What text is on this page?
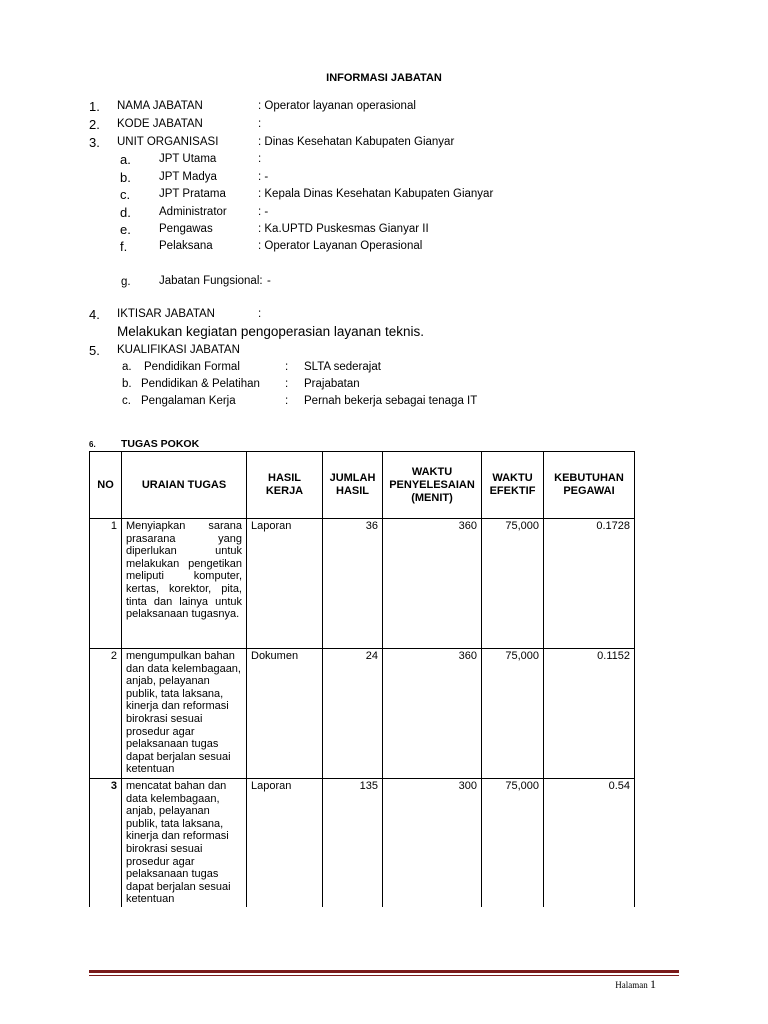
INFORMASI JABATAN
1. NAMA JABATAN	: Operator layanan operasional
2. KODE JABATAN	:
3. UNIT ORGANISASI	: Dinas Kesehatan Kabupaten Gianyar
a. JPT Utama	:
b. JPT Madya	: -
c.	JPT Pratama	: Kepala Dinas Kesehatan Kabupaten Gianyar
d. Administrator	: -
e. Pengawas	: Ka.UPTD Puskesmas Gianyar II
f.	Pelaksana	: Operator Layanan Operasional
g. Jabatan Fungsional: -
4. IKTISAR JABATAN	:
Melakukan kegiatan pengoperasian layanan teknis.
5. KUALIFIKASI JABATAN
a. Pendidikan Formal	: SLTA sederajat
b. Pendidikan & Pelatihan : Prajabatan
c. Pengalaman Kerja	: Pernah bekerja sebagai tenaga IT
6. TUGAS POKOK
NO	URAIAN TUGAS	HASIL KERJA	JUMLAH HASIL	WAKTU PENYELESAIAN (MENIT)	WAKTU EFEKTIF	KEBUTUHAN PEGAWAI
1	Menyiapkan sarana prasarana yang diperlukan untuk melakukan pengetikan meliputi komputer, kertas, korektor, pita, tinta dan lainya untuk pelaksanaan tugasnya.	Laporan	36	360	75,000	0.1728
2	mengumpulkan bahan dan data kelembagaan, anjab, pelayanan publik, tata laksana, kinerja dan reformasi birokrasi sesuai prosedur agar pelaksanaan tugas dapat berjalan sesuai ketentuan	Dokumen	24	360	75,000	0.1152
3	mencatat bahan dan data kelembagaan, anjab, pelayanan publik, tata laksana, kinerja dan reformasi birokrasi sesuai prosedur agar pelaksanaan tugas dapat berjalan sesuai ketentuan	Laporan	135	300	75,000	0.54
Halaman 1
